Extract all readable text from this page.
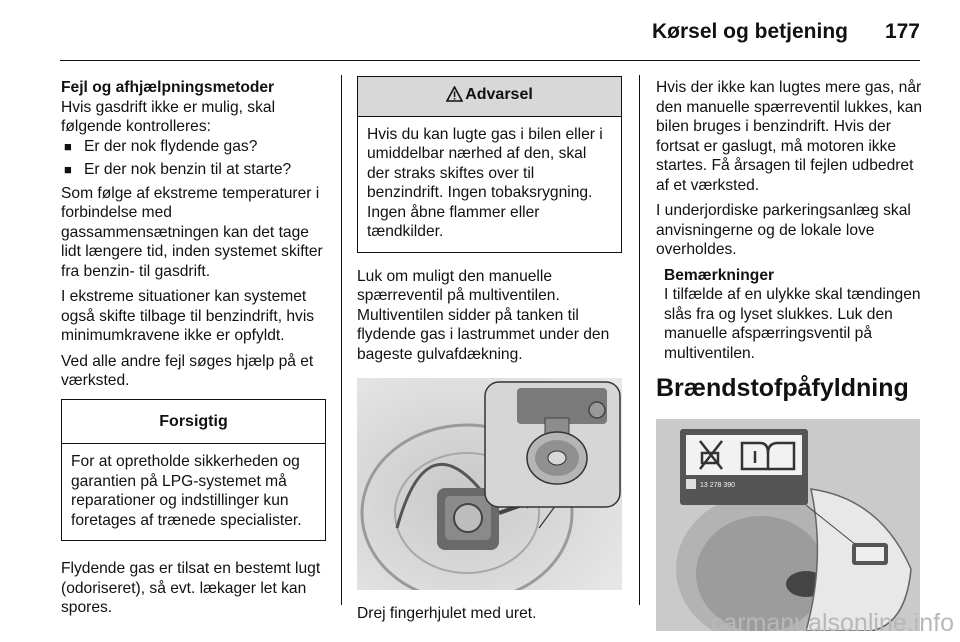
Kørsel og betjening 177

Fejl og afhjælpningsmetoder
Hvis gasdrift ikke er mulig, skal følgende kontrolleres:

■ Er der nok flydende gas?
■ Er der nok benzin til at starte?

Som følge af ekstreme temperaturer i forbindelse med gassammensætningen kan det tage lidt længere tid, inden systemet skifter fra benzin- til gasdrift.

I ekstreme situationer kan systemet også skifte tilbage til benzindrift, hvis minimumkravene ikke er opfyldt.

Ved alle andre fejl søges hjælp på et værksted.

Forsigtig
For at opretholde sikkerheden og garantien på LPG-systemet må reparationer og indstillinger kun foretages af trænede specialister.

Flydende gas er tilsat en bestemt lugt (odoriseret), så evt. lækager let kan spores.

Advarsel
Hvis du kan lugte gas i bilen eller i umiddelbar nærhed af den, skal der straks skiftes over til benzindrift. Ingen tobaksrygning. Ingen åbne flammer eller tændkilder.

Luk om muligt den manuelle spærreventil på multiventilen. Multiventilen sidder på tanken til flydende gas i lastrummet under den bageste gulvafdækning.

Drej fingerhjulet med uret.

Hvis der ikke kan lugtes mere gas, når den manuelle spærreventil lukkes, kan bilen bruges i benzindrift. Hvis der fortsat er gaslugt, må motoren ikke startes. Få årsagen til fejlen udbedret af et værksted.

I underjordiske parkeringsanlæg skal anvisningerne og de lokale love overholdes.

Bemærkninger
I tilfælde af en ulykke skal tændingen slås fra og lyset slukkes. Luk den manuelle afspærringsventil på multiventilen.
Brændstofpåfyldning
13 278 390
carmanualsonline.info
